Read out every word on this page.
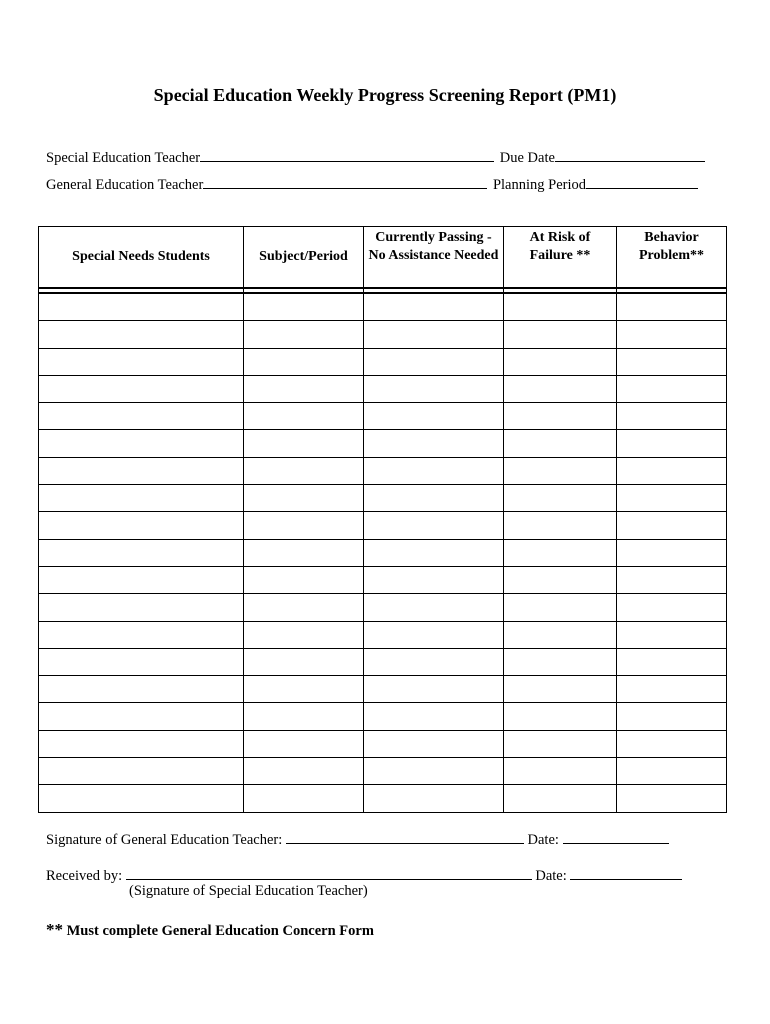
Special Education Weekly Progress Screening Report (PM1)
Special Education Teacher	Due Date
General Education Teacher	Planning Period
Special Needs Students	Subject/Period	Currently Passing - No Assistance Needed	At Risk of Failure **	Behavior Problem**

Signature of General Education Teacher:	Date:
Received by:	Date:
(Signature of Special Education Teacher)
** Must complete General Education Concern Form
